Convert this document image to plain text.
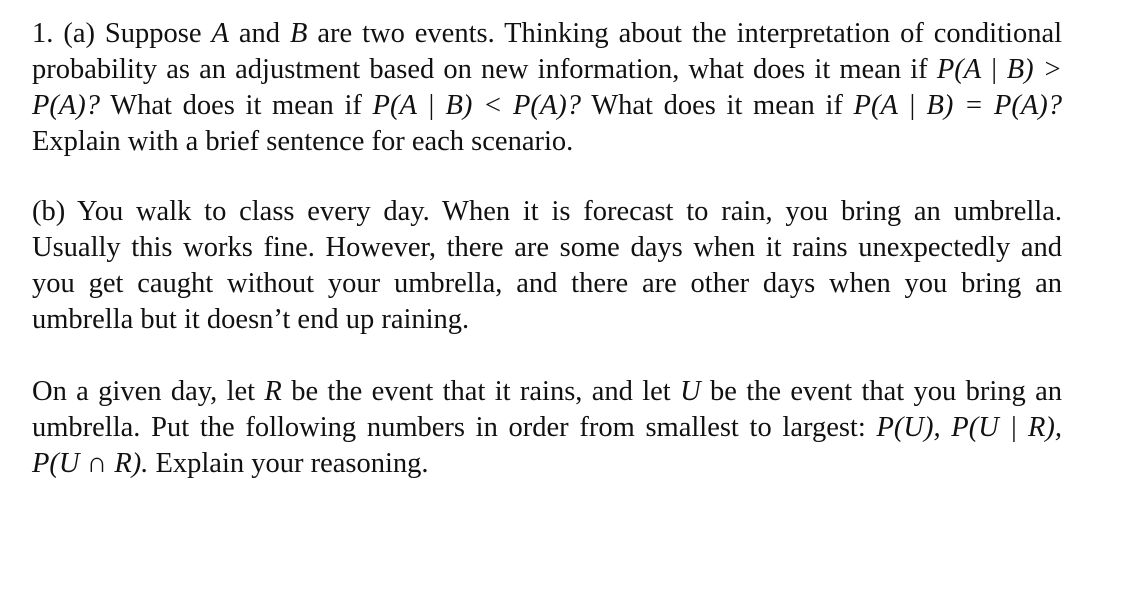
1. (a) Suppose A and B are two events. Thinking about the interpretation of conditional probability as an adjustment based on new information, what does it mean if P(A | B) > P(A)? What does it mean if P(A | B) < P(A)? What does it mean if P(A | B) = P(A)? Explain with a brief sentence for each scenario.

(b) You walk to class every day. When it is forecast to rain, you bring an umbrella. Usually this works fine. However, there are some days when it rains unexpectedly and you get caught without your umbrella, and there are other days when you bring an umbrella but it doesn’t end up raining.

On a given day, let R be the event that it rains, and let U be the event that you bring an umbrella. Put the following numbers in order from smallest to largest: P(U), P(U | R), P(U ∩ R). Explain your reasoning.
